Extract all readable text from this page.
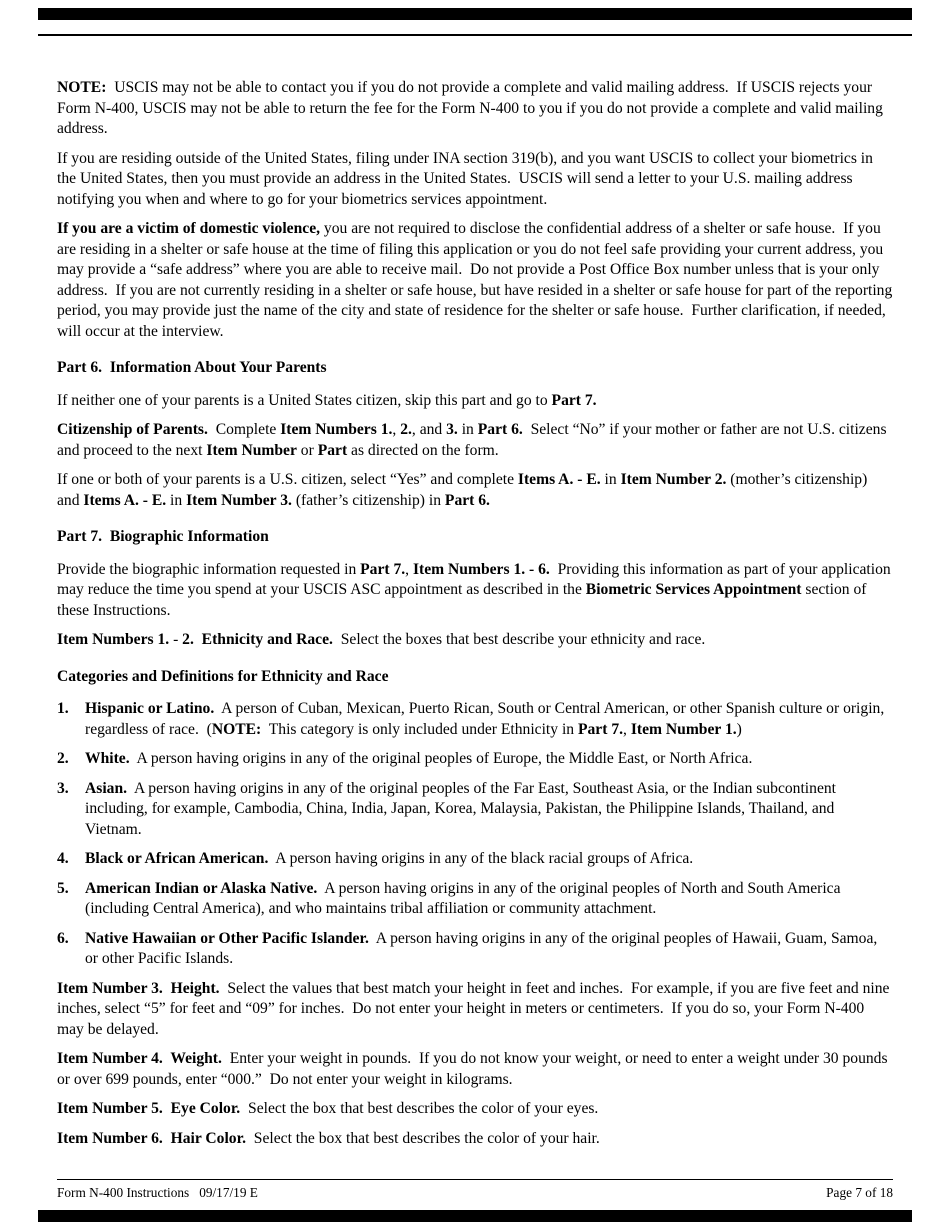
NOTE:  USCIS may not be able to contact you if you do not provide a complete and valid mailing address.  If USCIS rejects your Form N-400, USCIS may not be able to return the fee for the Form N-400 to you if you do not provide a complete and valid mailing address.
If you are residing outside of the United States, filing under INA section 319(b), and you want USCIS to collect your biometrics in the United States, then you must provide an address in the United States.  USCIS will send a letter to your U.S. mailing address notifying you when and where to go for your biometrics services appointment.
If you are a victim of domestic violence, you are not required to disclose the confidential address of a shelter or safe house.  If you are residing in a shelter or safe house at the time of filing this application or you do not feel safe providing your current address, you may provide a “safe address” where you are able to receive mail.  Do not provide a Post Office Box number unless that is your only address.  If you are not currently residing in a shelter or safe house, but have resided in a shelter or safe house for part of the reporting period, you may provide just the name of the city and state of residence for the shelter or safe house.  Further clarification, if needed, will occur at the interview.
Part 6.  Information About Your Parents
If neither one of your parents is a United States citizen, skip this part and go to Part 7.
Citizenship of Parents.  Complete Item Numbers 1., 2., and 3. in Part 6.  Select “No” if your mother or father are not U.S. citizens and proceed to the next Item Number or Part as directed on the form.
If one or both of your parents is a U.S. citizen, select “Yes” and complete Items A. - E. in Item Number 2. (mother’s citizenship) and Items A. - E. in Item Number 3. (father’s citizenship) in Part 6.
Part 7.  Biographic Information
Provide the biographic information requested in Part 7., Item Numbers 1. - 6.  Providing this information as part of your application may reduce the time you spend at your USCIS ASC appointment as described in the Biometric Services Appointment section of these Instructions.
Item Numbers 1. - 2. Ethnicity and Race.  Select the boxes that best describe your ethnicity and race.
Categories and Definitions for Ethnicity and Race
1. Hispanic or Latino.  A person of Cuban, Mexican, Puerto Rican, South or Central American, or other Spanish culture or origin, regardless of race.  (NOTE:  This category is only included under Ethnicity in Part 7., Item Number 1.)
2. White.  A person having origins in any of the original peoples of Europe, the Middle East, or North Africa.
3. Asian.  A person having origins in any of the original peoples of the Far East, Southeast Asia, or the Indian subcontinent including, for example, Cambodia, China, India, Japan, Korea, Malaysia, Pakistan, the Philippine Islands, Thailand, and Vietnam.
4. Black or African American.  A person having origins in any of the black racial groups of Africa.
5. American Indian or Alaska Native.  A person having origins in any of the original peoples of North and South America (including Central America), and who maintains tribal affiliation or community attachment.
6. Native Hawaiian or Other Pacific Islander.  A person having origins in any of the original peoples of Hawaii, Guam, Samoa, or other Pacific Islands.
Item Number 3.  Height.  Select the values that best match your height in feet and inches.  For example, if you are five feet and nine inches, select “5” for feet and “09” for inches.  Do not enter your height in meters or centimeters.  If you do so, your Form N-400 may be delayed.
Item Number 4.  Weight.  Enter your weight in pounds.  If you do not know your weight, or need to enter a weight under 30 pounds or over 699 pounds, enter “000.”  Do not enter your weight in kilograms.
Item Number 5.  Eye Color.  Select the box that best describes the color of your eyes.
Item Number 6.  Hair Color.  Select the box that best describes the color of your hair.
Form N-400 Instructions   09/17/19 E	Page 7 of 18
